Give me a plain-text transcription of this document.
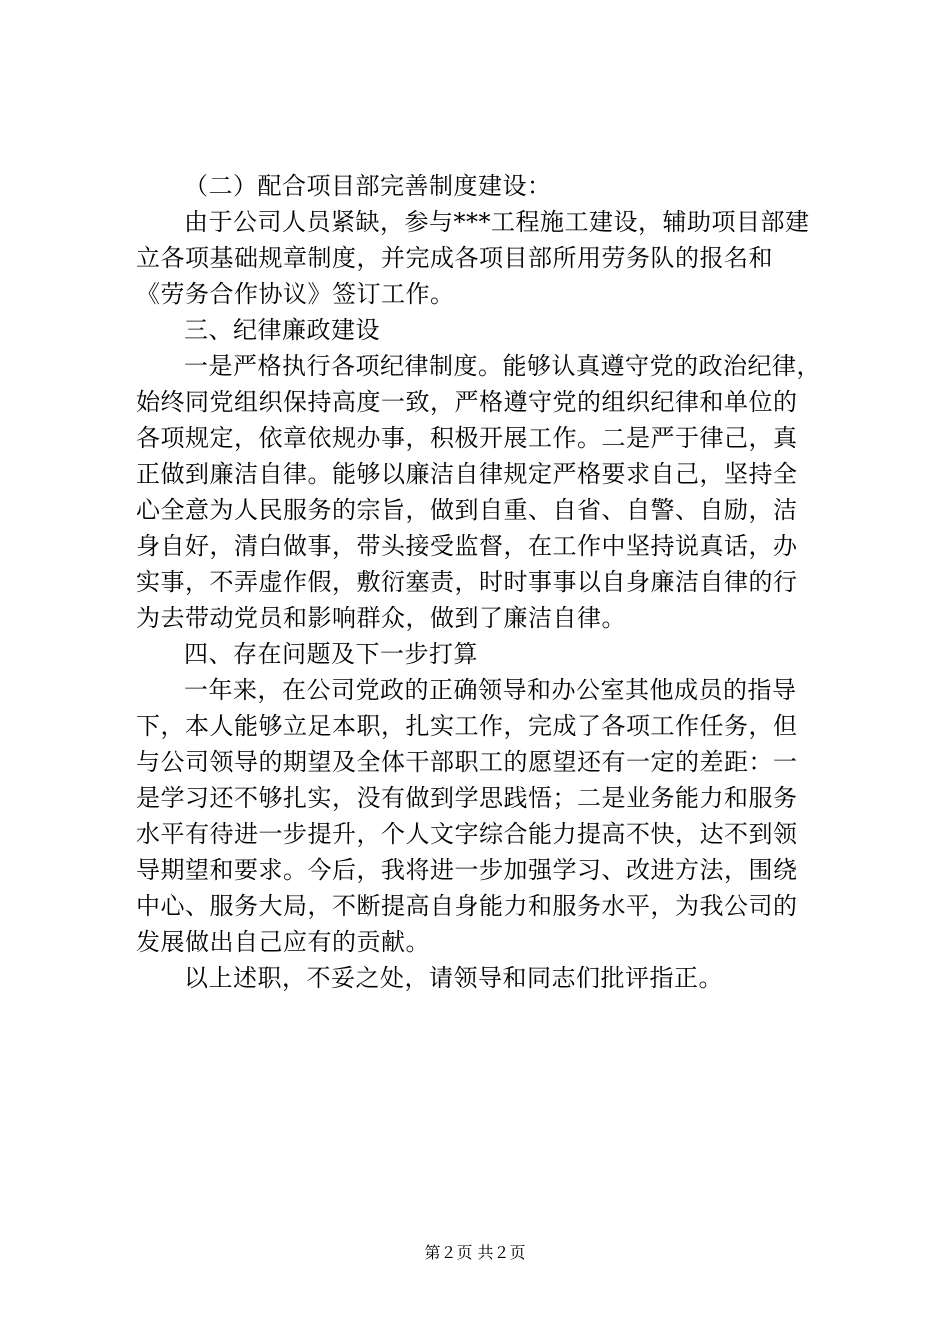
（二）配合项目部完善制度建设：
由于公司人员紧缺，参与***工程施工建设，辅助项目部建
立各项基础规章制度，并完成各项目部所用劳务队的报名和
《劳务合作协议》签订工作。
三、纪律廉政建设
一是严格执行各项纪律制度。能够认真遵守党的政治纪律，
始终同党组织保持高度一致，严格遵守党的组织纪律和单位的
各项规定，依章依规办事，积极开展工作。二是严于律己，真
正做到廉洁自律。能够以廉洁自律规定严格要求自己，坚持全
心全意为人民服务的宗旨，做到自重、自省、自警、自励，洁
身自好，清白做事，带头接受监督，在工作中坚持说真话，办
实事，不弄虚作假，敷衍塞责，时时事事以自身廉洁自律的行
为去带动党员和影响群众，做到了廉洁自律。
四、存在问题及下一步打算
一年来，在公司党政的正确领导和办公室其他成员的指导
下，本人能够立足本职，扎实工作，完成了各项工作任务，但
与公司领导的期望及全体干部职工的愿望还有一定的差距：一
是学习还不够扎实，没有做到学思践悟；二是业务能力和服务
水平有待进一步提升，个人文字综合能力提高不快，达不到领
导期望和要求。今后，我将进一步加强学习、改进方法，围绕
中心、服务大局，不断提高自身能力和服务水平，为我公司的
发展做出自己应有的贡献。
以上述职，不妥之处，请领导和同志们批评指正。
第２页 共２页
